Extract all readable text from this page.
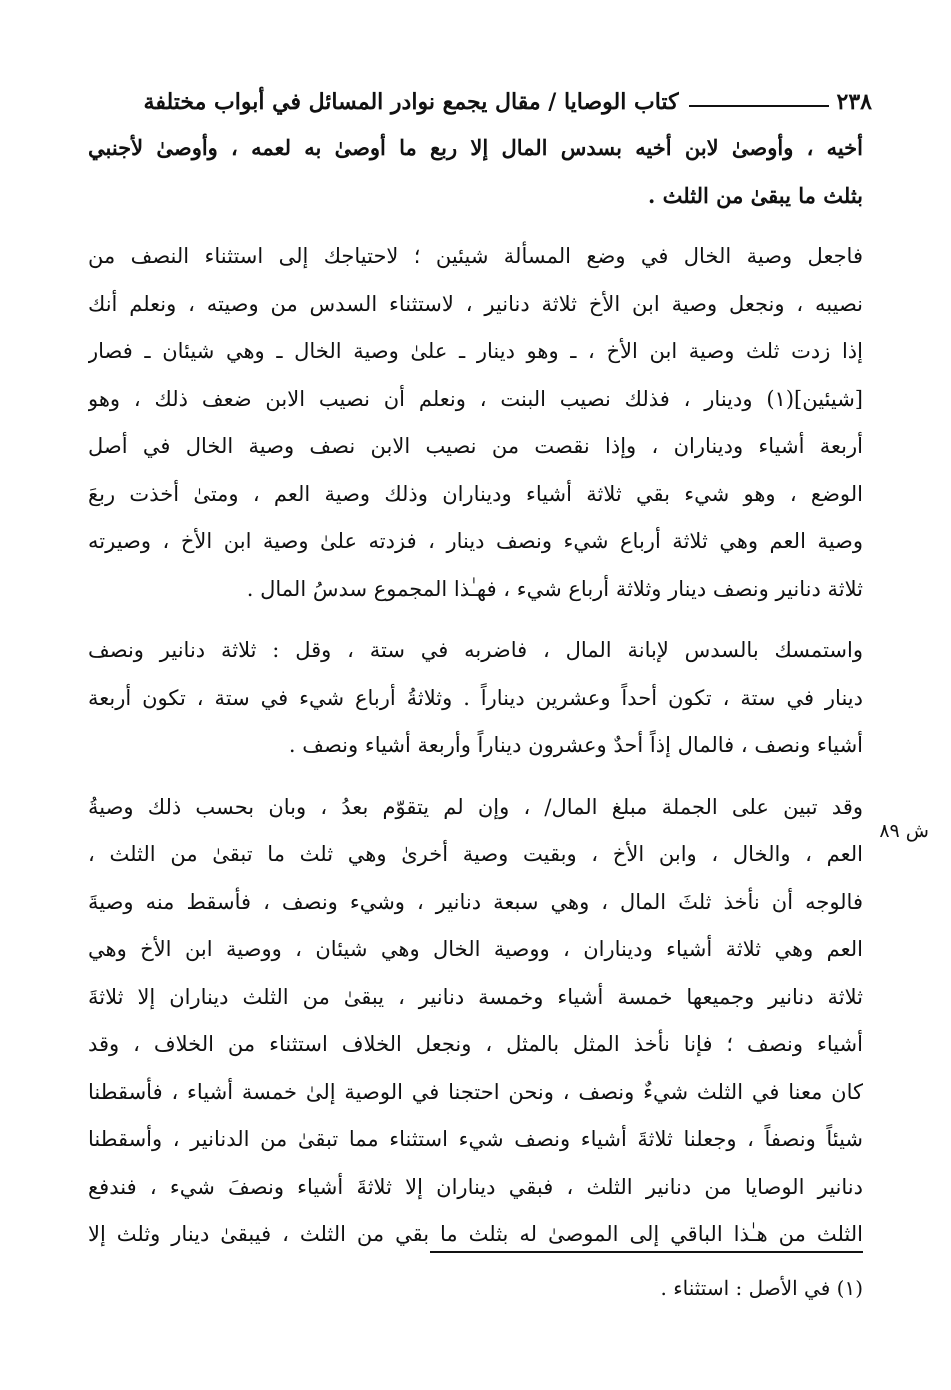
٢٣٨
كتاب الوصايا / مقال يجمع نوادر المسائل في أبواب مختلفة
أخيه ، وأوصىٰ لابن أخيه بسدس المال إلا ربع ما أوصىٰ به لعمه ، وأوصىٰ لأجنبي
بثلث ما يبقىٰ من الثلث .
فاجعل وصية الخال في وضع المسألة شيئين ؛ لاحتياجك إلى استثناء النصف من
نصيبه ، ونجعل وصية ابن الأخ ثلاثة دنانير ، لاستثناء السدس من وصيته ، ونعلم أنك
إذا زدت ثلث وصية ابن الأخ ، ـ وهو دينار ـ علىٰ وصية الخال ـ وهي شيئان ـ فصار
[شيئين](١) ودينار ، فذلك نصيب البنت ، ونعلم أن نصيب الابن ضعف ذلك ، وهو
أربعة أشياء وديناران ، وإذا نقصت من نصيب الابن نصف وصية الخال في أصل
الوضع ، وهو شيء بقي ثلاثة أشياء وديناران وذلك وصية العم ، ومتىٰ أخذت ربعَ
وصية العم وهي ثلاثة أرباع شيء ونصف دينار ، فزدته علىٰ وصية ابن الأخ ، وصيرته
ثلاثة دنانير ونصف دينار وثلاثة أرباع شيء ، فهـٰذا المجموع سدسُ المال .
واستمسك بالسدس لإبانة المال ، فاضربه في ستة ، وقل : ثلاثة دنانير ونصف
دينار في ستة ، تكون أحداً وعشرين ديناراً . وثلاثةُ أرباع شيء في ستة ، تكون أربعة
أشياء ونصف ، فالمال إذاً أحدٌ وعشرون ديناراً وأربعة أشياء ونصف .
وقد تبين على الجملة مبلغ المال/ ، وإن لم يتقوّم بعدُ ، وبان بحسب ذلك وصيةُ
العم ، والخال ، وابن الأخ ، وبقيت وصية أخرىٰ وهي ثلث ما تبقىٰ من الثلث ،
فالوجه أن نأخذ ثلثَ المال ، وهي سبعة دنانير ، وشيء ونصف ، فأسقط منه وصيةَ
العم وهي ثلاثة أشياء وديناران ، ووصية الخال وهي شيئان ، ووصية ابن الأخ وهي
ثلاثة دنانير وجميعها خمسة أشياء وخمسة دنانير ، يبقىٰ من الثلث ديناران إلا ثلاثةَ
أشياء ونصف ؛ فإنا نأخذ المثل بالمثل ، ونجعل الخلاف استثناء من الخلاف ، وقد
كان معنا في الثلث شيءٌ ونصف ، ونحن احتجنا في الوصية إلىٰ خمسة أشياء ، فأسقطنا
شيئاً ونصفاً ، وجعلنا ثلاثةَ أشياء ونصف شيء استثناء مما تبقىٰ من الدنانير ، وأسقطنا
دنانير الوصايا من دنانير الثلث ، فبقي ديناران إلا ثلاثةَ أشياء ونصفَ شيء ، فندفع
الثلث من هـٰذا الباقي إلى الموصىٰ له بثلث ما بقي من الثلث ، فيبقىٰ دينار وثلث إلا
ش ٨٩
(١) في الأصل : استثناء .
